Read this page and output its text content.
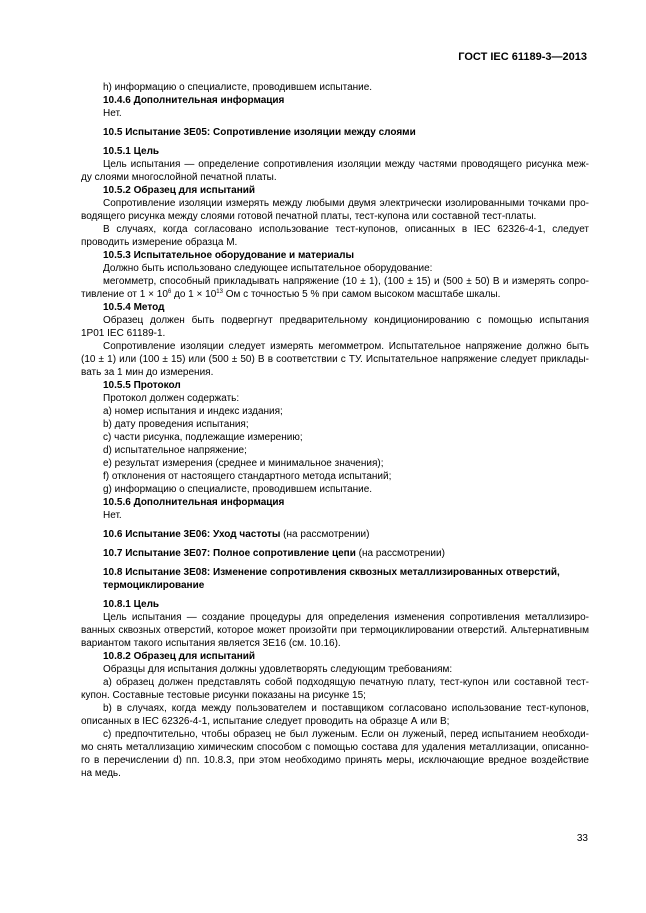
ГОСТ IEC 61189-3—2013
h) информацию о специалисте, проводившем испытание.
10.4.6 Дополнительная информация
Нет.
10.5 Испытание 3E05: Сопротивление изоляции между слоями
10.5.1 Цель
Цель испытания — определение сопротивления изоляции между частями проводящего рисунка меж-
ду слоями многослойной печатной платы.
10.5.2 Образец для испытаний
Сопротивление изоляции измерять между любыми двумя электрически изолированными точками про-
водящего рисунка между слоями готовой печатной платы, тест-купона или составной тест-платы.
В случаях, когда согласовано использование тест-купонов, описанных в IEC 62326-4-1, следует
проводить измерение образца М.
10.5.3 Испытательное оборудование и материалы
Должно быть использовано следующее испытательное оборудование:
мегомметр, способный прикладывать напряжение (10 ± 1), (100 ± 15) и (500 ± 50) В и измерять сопро-
тивление от $1 \times 10^6$ до $1 \times 10^{13}$ Ом с точностью 5 % при самом высоком масштабе шкалы.
10.5.4 Метод
Образец должен быть подвергнут предварительному кондиционированию с помощью испытания
1P01 IEC 61189-1.
Сопротивление изоляции следует измерять мегомметром. Испытательное напряжение должно быть
(10 ± 1) или (100 ± 15) или (500 ± 50) В в соответствии с ТУ. Испытательное напряжение следует приклады-
вать за 1 мин до измерения.
10.5.5 Протокол
Протокол должен содержать:
а) номер испытания и индекс издания;
b) дату проведения испытания;
с) части рисунка, подлежащие измерению;
d) испытательное напряжение;
е) результат измерения (среднее и минимальное значения);
f) отклонения от настоящего стандартного метода испытаний;
g) информацию о специалисте, проводившем испытание.
10.5.6 Дополнительная информация
Нет.
10.6 Испытание 3E06: Уход частоты (на рассмотрении)
10.7 Испытание 3E07: Полное сопротивление цепи (на рассмотрении)
10.8 Испытание 3E08: Изменение сопротивления сквозных металлизированных отверстий,
термоциклирование
10.8.1 Цель
Цель испытания — создание процедуры для определения изменения сопротивления металлизиро-
ванных сквозных отверстий, которое может произойти при термоциклировании отверстий. Альтернативным
вариантом такого испытания является 3E16 (см. 10.16).
10.8.2 Образец для испытаний
Образцы для испытания должны удовлетворять следующим требованиям:
а) образец должен представлять собой подходящую печатную плату, тест-купон или составной тест-
купон. Составные тестовые рисунки показаны на рисунке 15;
b) в случаях, когда между пользователем и поставщиком согласовано использование тест-купонов,
описанных в IEC 62326-4-1, испытание следует проводить на образце А или В;
с) предпочтительно, чтобы образец не был луженым. Если он луженый, перед испытанием необходи-
мо снять металлизацию химическим способом с помощью состава для удаления металлизации, описанно-
го в перечислении d) пп. 10.8.3, при этом необходимо принять меры, исключающие вредное воздействие
на медь.
33
